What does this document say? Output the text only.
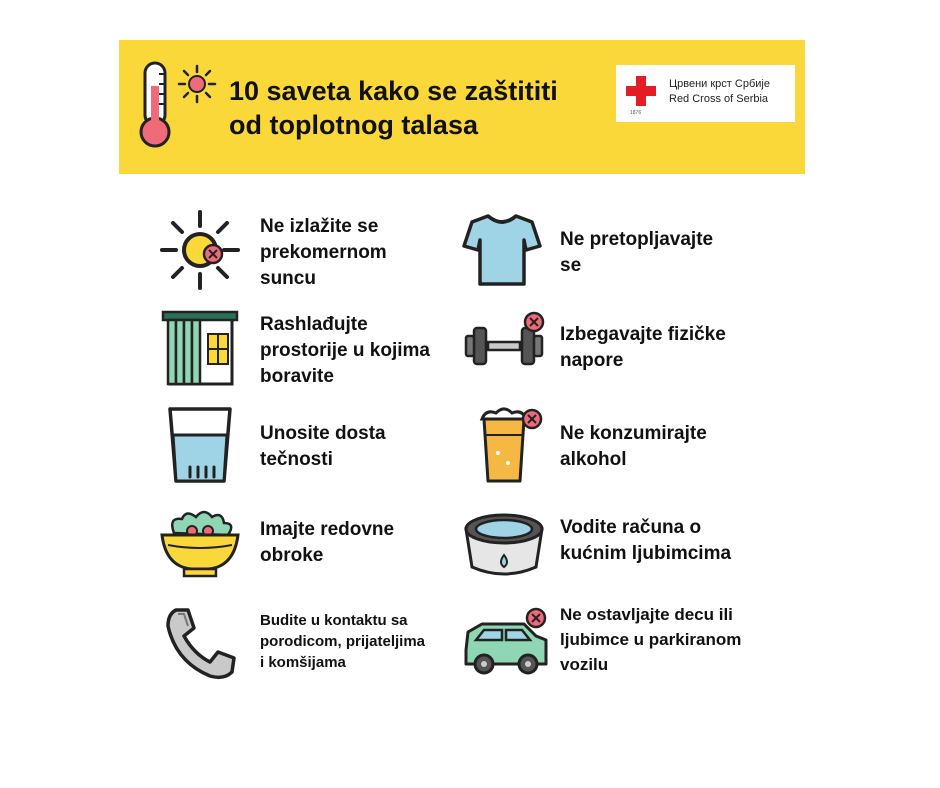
10 saveta kako se zaštititi
od toplotnog talasa	1876
Црвени крст Србије
Red Cross of Serbia

Ne izlažite se
prekomernom
suncu

Ne pretopljavajte
se

Rashlađujte
prostorije u kojima
boravite

Izbegavajte fizičke
napore

Unosite dosta
tečnosti

Ne konzumirajte
alkohol

Imajte redovne
obroke

Vodite računa o
kućnim ljubimcima

Budite u kontaktu sa
porodicom, prijateljima
i komšijama

Ne ostavljajte decu ili
ljubimce u parkiranom
vozilu
